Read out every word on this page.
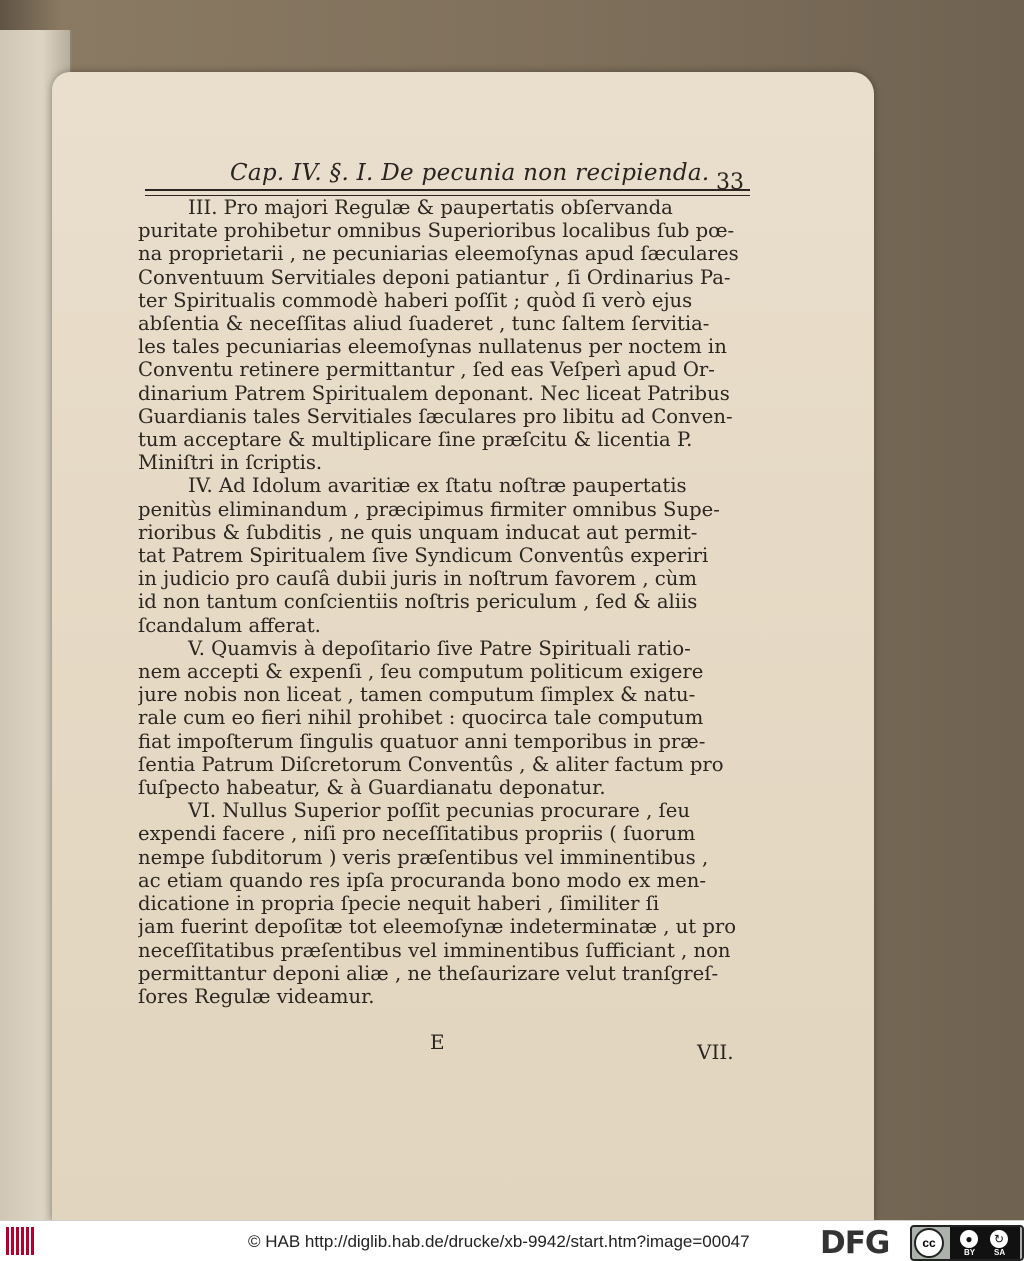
Cap. IV. §. I. De pecunia non recipienda. 33

III. Pro majori Regulæ & paupertatis obſervanda
puritate prohibetur omnibus Superioribus localibus ſub pœ-
na proprietarii , ne pecuniarias eleemoſynas apud ſæculares
Conventuum Servitiales deponi patiantur , ſi Ordinarius Pa-
ter Spiritualis commodè haberi poſſit ; quòd ſi verò ejus
abſentia & neceſſitas aliud ſuaderet , tunc ſaltem ſervitia-
les tales pecuniarias eleemoſynas nullatenus per noctem in
Conventu retinere permittantur , ſed eas Veſperì apud Or-
dinarium Patrem Spiritualem deponant. Nec liceat Patribus
Guardianis tales Servitiales ſæculares pro libitu ad Conven-
tum acceptare & multiplicare ſine præſcitu & licentia P.
Miniſtri in ſcriptis.

IV. Ad Idolum avaritiæ ex ſtatu noſtræ paupertatis
penitùs eliminandum , præcipimus firmiter omnibus Supe-
rioribus & ſubditis , ne quis unquam inducat aut permit-
tat Patrem Spiritualem ſive Syndicum Conventûs experiri
in judicio pro cauſâ dubii juris in noſtrum favorem , cùm
id non tantum conſcientiis noſtris periculum , ſed & aliis
ſcandalum afferat.

V. Quamvis à depoſitario ſive Patre Spirituali ratio-
nem accepti & expenſi , ſeu computum politicum exigere
jure nobis non liceat , tamen computum ſimplex & natu-
rale cum eo fieri nihil prohibet : quocirca tale computum
fiat impoſterum ſingulis quatuor anni temporibus in præ-
ſentia Patrum Diſcretorum Conventûs , & aliter factum pro
ſuſpecto habeatur, & à Guardianatu deponatur.

VI. Nullus Superior poſſit pecunias procurare , ſeu
expendi facere , niſi pro neceſſitatibus propriis ( ſuorum
nempe ſubditorum ) veris præſentibus vel imminentibus ,
ac etiam quando res ipſa procuranda bono modo ex men-
dicatione in propria ſpecie nequit haberi , ſimiliter ſi
jam fuerint depoſitæ tot eleemoſynæ indeterminatæ , ut pro
neceſſitatibus præſentibus vel imminentibus ſufficiant , non
permittantur deponi aliæ , ne theſaurizare velut tranſgreſ-
ſores Regulæ videamur.

E	VII.
© HAB http://diglib.hab.de/drucke/xb-9942/start.htm?image=00047 DFG	cc	●	↻
BY SA
